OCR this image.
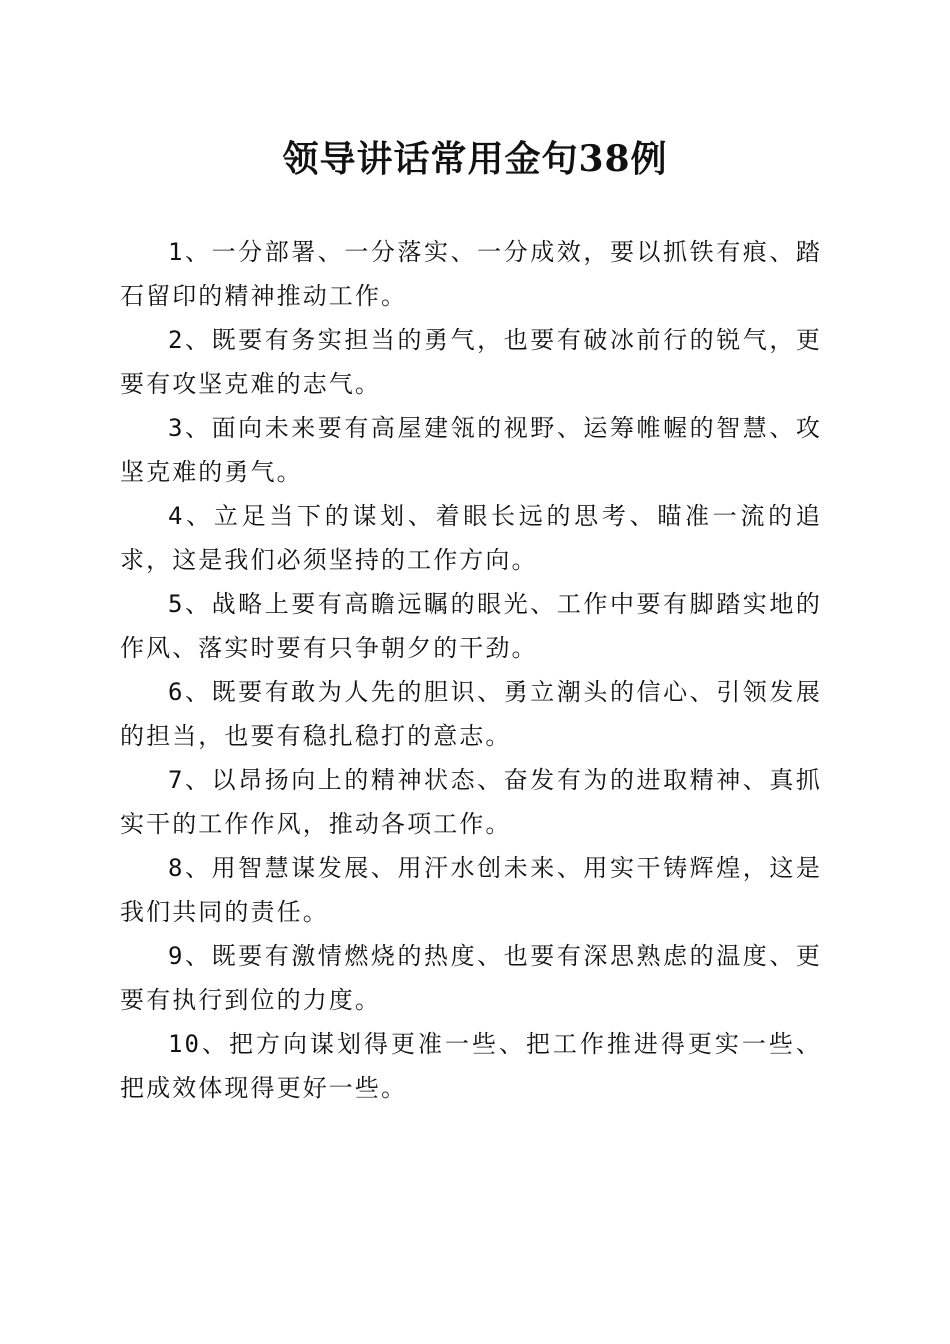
领导讲话常用金句38例

1、一分部署、一分落实、一分成效，要以抓铁有痕、踏石留印的精神推动工作。

2、既要有务实担当的勇气，也要有破冰前行的锐气，更要有攻坚克难的志气。

3、面向未来要有高屋建瓴的视野、运筹帷幄的智慧、攻坚克难的勇气。

4、立足当下的谋划、着眼长远的思考、瞄准一流的追求，这是我们必须坚持的工作方向。

5、战略上要有高瞻远瞩的眼光、工作中要有脚踏实地的作风、落实时要有只争朝夕的干劲。

6、既要有敢为人先的胆识、勇立潮头的信心、引领发展的担当，也要有稳扎稳打的意志。

7、以昂扬向上的精神状态、奋发有为的进取精神、真抓实干的工作作风，推动各项工作。

8、用智慧谋发展、用汗水创未来、用实干铸辉煌，这是我们共同的责任。

9、既要有激情燃烧的热度、也要有深思熟虑的温度、更要有执行到位的力度。

10、把方向谋划得更准一些、把工作推进得更实一些、把成效体现得更好一些。
